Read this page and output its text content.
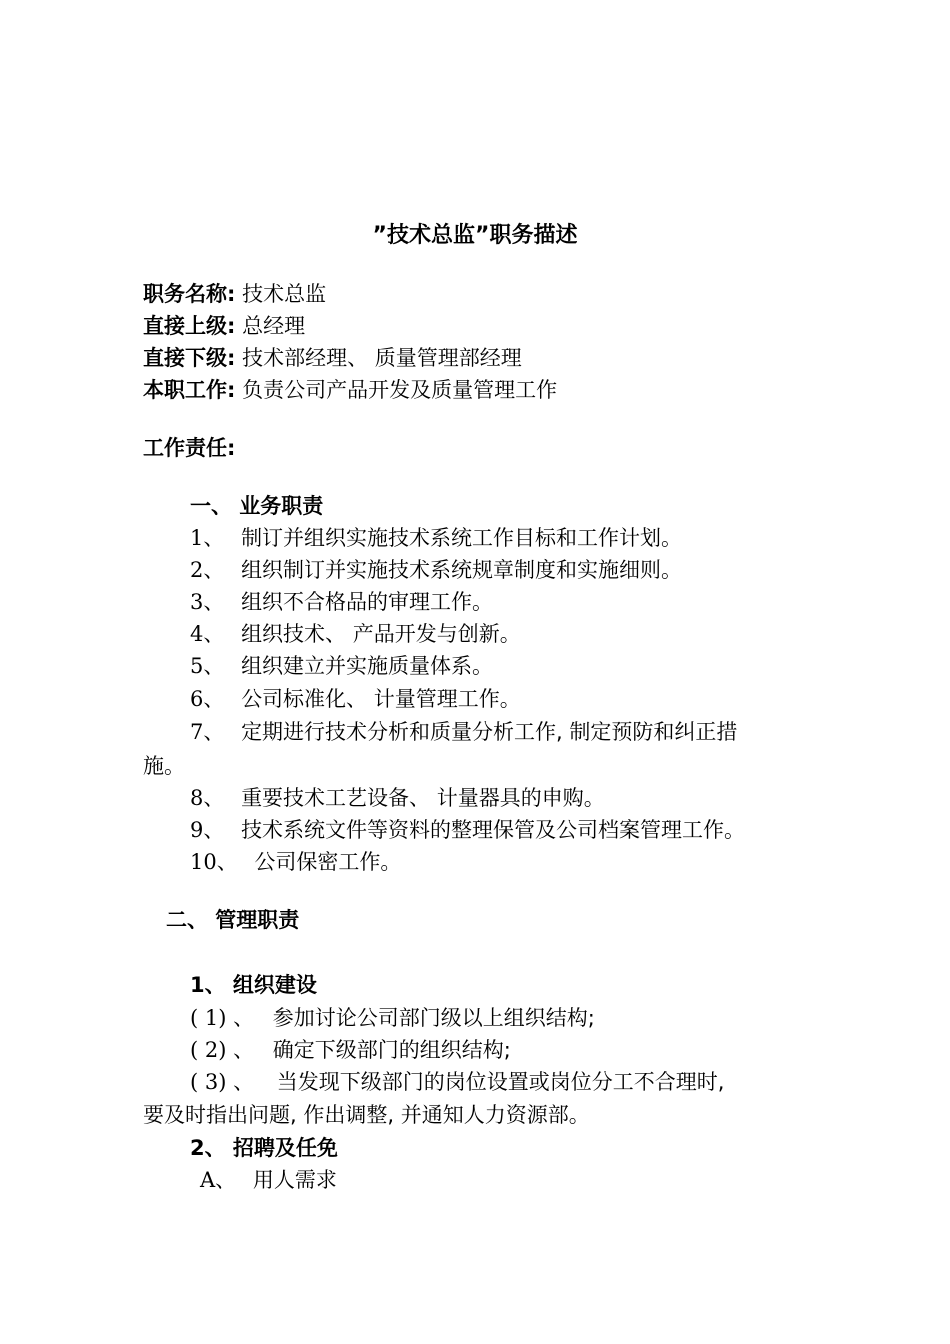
”技术总监”职务描述
职务名称: 技术总监
直接上级: 总经理
直接下级: 技术部经理、 质量管理部经理
本职工作: 负责公司产品开发及质量管理工作
工作责任:
一、 业务职责
1、 制订并组织实施技术系统工作目标和工作计划。
2、 组织制订并实施技术系统规章制度和实施细则。
3、 组织不合格品的审理工作。
4、 组织技术、 产品开发与创新。
5、 组织建立并实施质量体系。
6、 公司标准化、 计量管理工作。
7、 定期进行技术分析和质量分析工作, 制定预防和纠正措
施。
8、 重要技术工艺设备、 计量器具的申购。
9、 技术系统文件等资料的整理保管及公司档案管理工作。
10、 公司保密工作。
二、 管理职责
1、 组织建设
( 1) 、 参加讨论公司部门级以上组织结构;
( 2) 、 确定下级部门的组织结构;
( 3) 、 当发现下级部门的岗位设置或岗位分工不合理时,
要及时指出问题, 作出调整, 并通知人力资源部。
2、 招聘及任免
A、 用人需求
